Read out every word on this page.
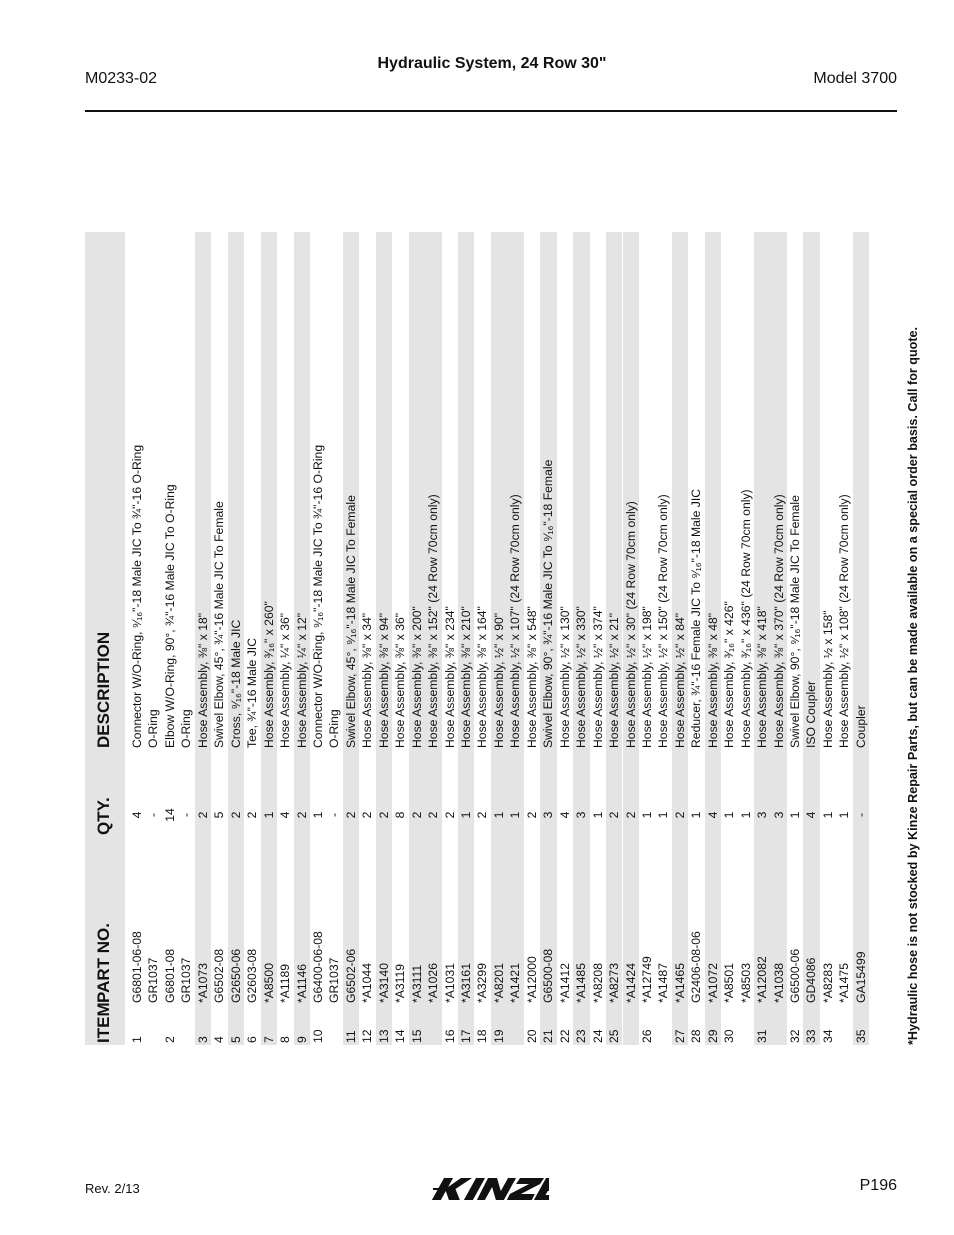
M0233-02
Hydraulic System, 24 Row 30"
Model 3700
ITEM
PART NO.
QTY.
DESCRIPTION
1
G6801-06-08
4
Connector W/O-Ring, ⁹⁄₁₆"-18 Male JIC To ¾"-16 O-Ring
GR1037
-
O-Ring
2
G6801-08
14
Elbow W/O-Ring, 90°, ¾"-16 Male JIC To O-Ring
GR1037
-
O-Ring
3
*A1073
2
Hose Assembly, ⅜" x 18"
4
G6502-08
5
Swivel Elbow, 45°, ¾"-16 Male JIC To Female
5
G2650-06
2
Cross, ⁹⁄₁₆"-18 Male JIC
6
G2603-08
2
Tee, ¾"-16 Male JIC
7
*A8500
1
Hose Assembly, ³⁄₁₆" x 260"
8
*A1189
4
Hose Assembly, ¼" x 36"
9
*A1146
2
Hose Assembly, ¼" x 12"
10
G6400-06-08
1
Connector W/O-Ring, ⁹⁄₁₆"-18 Male JIC To ¾"-16 O-Ring
GR1037
-
O-Ring
11
G6502-06
2
Swivel Elbow, 45°, ⁹⁄₁₆"-18 Male JIC To Female
12
*A1044
2
Hose Assembly, ⅜" x 34"
13
*A3140
2
Hose Assembly, ⅜" x 94"
14
*A3119
8
Hose Assembly, ⅜" x 36"
15
*A3111
2
Hose Assembly, ⅜" x 200"
*A1026
2
Hose Assembly, ⅜" x 152" (24 Row 70cm only)
16
*A1031
2
Hose Assembly, ⅜" x 234"
17
*A3161
1
Hose Assembly, ⅜" x 210"
18
*A3299
2
Hose Assembly, ⅜" x 164"
19
*A8201
1
Hose Assembly, ½" x 90"
*A1421
1
Hose Assembly, ½" x 107" (24 Row 70cm only)
20
*A12000
2
Hose Assembly, ⅜" x 548"
21
G6500-08
3
Swivel Elbow, 90°, ¾"-16 Male JIC To ⁹⁄₁₆"-18 Female
22
*A1412
4
Hose Assembly, ½" x 130"
23
*A1485
3
Hose Assembly, ½" x 330"
24
*A8208
1
Hose Assembly, ½" x 374"
25
*A8273
2
Hose Assembly, ½" x 21"
*A1424
2
Hose Assembly, ½" x 30" (24 Row 70cm only)
26
*A12749
1
Hose Assembly, ½" x 198"
*A1487
1
Hose Assembly, ½" x 150" (24 Row 70cm only)
27
*A1465
2
Hose Assembly, ½" x 84"
28
G2406-08-06
1
Reducer, ¾"-16 Female JIC To ⁹⁄₁₆"-18 Male JIC
29
*A1072
4
Hose Assembly, ⅜" x 48"
30
*A8501
1
Hose Assembly, ³⁄₁₆" x 426"
*A8503
1
Hose Assembly, ³⁄₁₆" x 436" (24 Row 70cm only)
31
*A12082
3
Hose Assembly, ⅜" x 418"
*A1038
3
Hose Assembly, ⅜" x 370" (24 Row 70cm only)
32
G6500-06
1
Swivel Elbow, 90°, ⁹⁄₁₆"-18 Male JIC To Female
33
GD4086
4
ISO Coupler
34
*A8283
1
Hose Assembly, ½ x 158"
*A1475
1
Hose Assembly, ½" x 108" (24 Row 70cm only)
35
GA15499
-
Coupler	*Hydraulic hose is not stocked by Kinze Repair Parts, but can be made available on a special order basis. Call for quote.
Rev. 2/13	P196
